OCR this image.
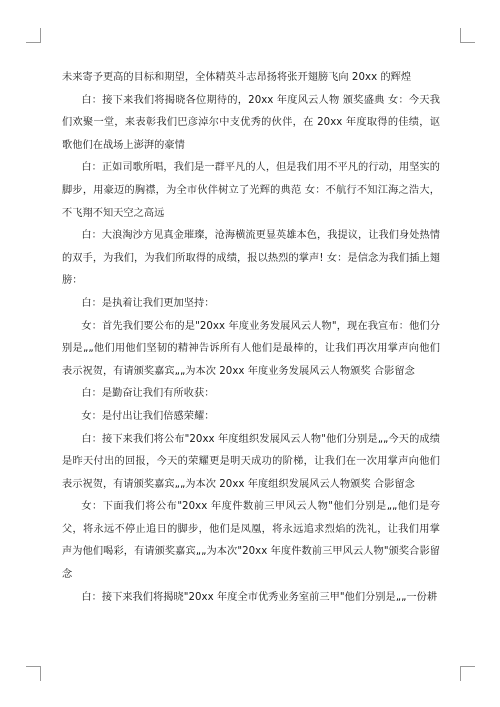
未来寄予更高的目标和期望，全体精英斗志昂扬将张开翅膀飞向 20xx 的辉煌

白：接下来我们将揭晓各位期待的，20xx 年度风云人物 颁奖盛典 女：今天我们欢聚一堂，来表彰我们巴彦淖尔中支优秀的伙伴，在 20xx 年度取得的佳绩，讴歌他们在战场上澎湃的豪情

白：正如司歌所唱，我们是一群平凡的人，但是我们用不平凡的行动，用坚实的脚步，用豪迈的胸襟，为全市伙伴树立了光辉的典范 女：不航行不知江海之浩大，不飞翔不知天空之高远

白：大浪淘沙方见真金璀璨，沧海横流更显英雄本色，我提议，让我们身处热情的双手，为我们，为我们所取得的成绩，报以热烈的掌声! 女：是信念为我们插上翅膀：

白：是执着让我们更加坚持：

女：首先我们要公布的是"20xx 年度业务发展风云人物"，现在我宣布：他们分别是„„他们用他们坚韧的精神告诉所有人他们是最棒的，让我们再次用掌声向他们表示祝贺，有请颁奖嘉宾„„为本次 20xx 年度业务发展风云人物颁奖 合影留念

白：是勤奋让我们有所收获：

女：是付出让我们倍感荣耀：

白：接下来我们将公布"20xx 年度组织发展风云人物"他们分别是„„今天的成绩是昨天付出的回报，今天的荣耀更是明天成功的阶梯，让我们在一次用掌声向他们表示祝贺，有请颁奖嘉宾„„为本次 20xx 年度组织发展风云人物颁奖 合影留念

女：下面我们将公布"20xx 年度件数前三甲风云人物"他们分别是„„他们是夸父，将永远不停止追日的脚步，他们是凤凰，将永远追求烈焰的洗礼，让我们用掌声为他们喝彩，有请颁奖嘉宾„„为本次"20xx 年度件数前三甲风云人物"颁奖合影留念

白：接下来我们将揭晓"20xx 年度全市优秀业务室前三甲"他们分别是„„一份耕
